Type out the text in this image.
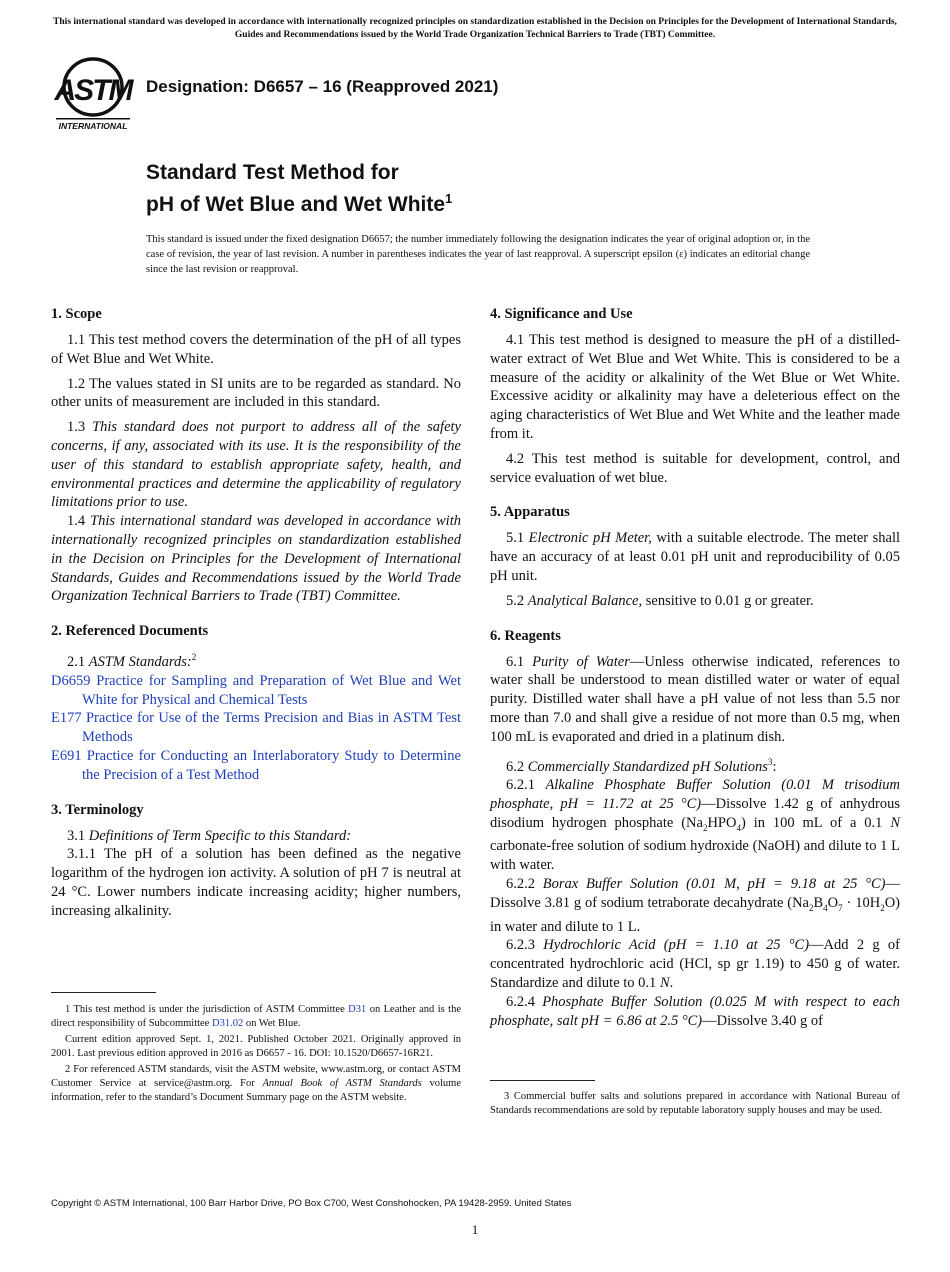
This international standard was developed in accordance with internationally recognized principles on standardization established in the Decision on Principles for the Development of International Standards, Guides and Recommendations issued by the World Trade Organization Technical Barriers to Trade (TBT) Committee.
ASTM
INTERNATIONAL
Designation: D6657 – 16 (Reapproved 2021)
Standard Test Method for
pH of Wet Blue and Wet White$^1$
This standard is issued under the fixed designation D6657; the number immediately following the designation indicates the year of original adoption or, in the case of revision, the year of last revision. A number in parentheses indicates the year of last reapproval. A superscript epsilon (ε) indicates an editorial change since the last revision or reapproval.
1. Scope

1.1 This test method covers the determination of the pH of all types of Wet Blue and Wet White.

1.2 The values stated in SI units are to be regarded as standard. No other units of measurement are included in this standard.

1.3 This standard does not purport to address all of the safety concerns, if any, associated with its use. It is the responsibility of the user of this standard to establish appropriate safety, health, and environmental practices and determine the applicability of regulatory limitations prior to use.

1.4 This international standard was developed in accordance with internationally recognized principles on standardization established in the Decision on Principles for the Development of International Standards, Guides and Recommendations issued by the World Trade Organization Technical Barriers to Trade (TBT) Committee.

2. Referenced Documents

2.1 ASTM Standards:$^2$

D6659 Practice for Sampling and Preparation of Wet Blue and Wet White for Physical and Chemical Tests

E177 Practice for Use of the Terms Precision and Bias in ASTM Test Methods

E691 Practice for Conducting an Interlaboratory Study to Determine the Precision of a Test Method

3. Terminology

3.1 Definitions of Term Specific to this Standard:

3.1.1 The pH of a solution has been defined as the negative logarithm of the hydrogen ion activity. A solution of pH 7 is neutral at 24 °C. Lower numbers indicate increasing acidity; higher numbers, increasing alkalinity.

1 This test method is under the jurisdiction of ASTM Committee D31 on Leather and is the direct responsibility of Subcommittee D31.02 on Wet Blue.

Current edition approved Sept. 1, 2021. Published October 2021. Originally approved in 2001. Last previous edition approved in 2016 as D6657 - 16. DOI: 10.1520/D6657-16R21.

2 For referenced ASTM standards, visit the ASTM website, www.astm.org, or contact ASTM Customer Service at service@astm.org. For Annual Book of ASTM Standards volume information, refer to the standard’s Document Summary page on the ASTM website.

4. Significance and Use

4.1 This test method is designed to measure the pH of a distilled-water extract of Wet Blue and Wet White. This is considered to be a measure of the acidity or alkalinity of the Wet Blue or Wet White. Excessive acidity or alkalinity may have a deleterious effect on the aging characteristics of Wet Blue and Wet White and the leather made from it.

4.2 This test method is suitable for development, control, and service evaluation of wet blue.

5. Apparatus

5.1 Electronic pH Meter, with a suitable electrode. The meter shall have an accuracy of at least 0.01 pH unit and reproducibility of 0.05 pH unit.

5.2 Analytical Balance, sensitive to 0.01 g or greater.

6. Reagents

6.1 Purity of Water—Unless otherwise indicated, references to water shall be understood to mean distilled water or water of equal purity. Distilled water shall have a pH value of not less than 5.5 nor more than 7.0 and shall give a residue of not more than 0.5 mg, when 100 mL is evaporated and dried in a platinum dish.

6.2 Commercially Standardized pH Solutions$^3$:

6.2.1 Alkaline Phosphate Buffer Solution (0.01 M trisodium phosphate, pH = 11.72 at 25 °C)—Dissolve 1.42 g of anhydrous disodium hydrogen phosphate $(Na_2HPO_4)$ in 100 mL of a 0.1 N carbonate-free solution of sodium hydroxide (NaOH) and dilute to 1 L with water.

6.2.2 Borax Buffer Solution (0.01 M, pH = 9.18 at 25 °C)—Dissolve 3.81 g of sodium tetraborate decahydrate $(Na_2B_4O_7 \cdot 10H_2O)$ in water and dilute to 1 L.

6.2.3 Hydrochloric Acid (pH = 1.10 at 25 °C)—Add 2 g of concentrated hydrochloric acid (HCl, sp gr 1.19) to 450 g of water. Standardize and dilute to 0.1 N.

6.2.4 Phosphate Buffer Solution (0.025 M with respect to each phosphate, salt pH = 6.86 at 2.5 °C)—Dissolve 3.40 g of

3 Commercial buffer salts and solutions prepared in accordance with National Bureau of Standards recommendations are sold by reputable laboratory supply houses and may be used.

Copyright © ASTM International, 100 Barr Harbor Drive, PO Box C700, West Conshohocken, PA 19428-2959. United States
1
